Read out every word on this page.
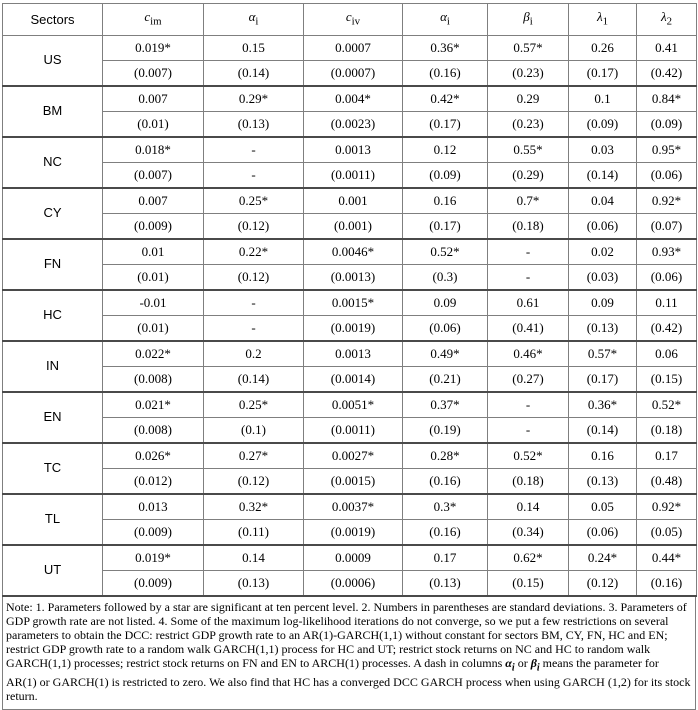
Sectors	$c_{im}$	$\alpha_i$	$c_{iv}$	$\alpha_i$	$\beta_i$	$\lambda_1$	$\lambda_2$
US	0.019*	0.15	0.0007	0.36*	0.57*	0.26	0.41
	(0.007)	(0.14)	(0.0007)	(0.16)	(0.23)	(0.17)	(0.42)
BM	0.007	0.29*	0.004*	0.42*	0.29	0.1	0.84*
	(0.01)	(0.13)	(0.0023)	(0.17)	(0.23)	(0.09)	(0.09)
NC	0.018*	-	0.0013	0.12	0.55*	0.03	0.95*
	(0.007)	-	(0.0011)	(0.09)	(0.29)	(0.14)	(0.06)
CY	0.007	0.25*	0.001	0.16	0.7*	0.04	0.92*
	(0.009)	(0.12)	(0.001)	(0.17)	(0.18)	(0.06)	(0.07)
FN	0.01	0.22*	0.0046*	0.52*	-	0.02	0.93*
	(0.01)	(0.12)	(0.0013)	(0.3)	-	(0.03)	(0.06)
HC	-0.01	-	0.0015*	0.09	0.61	0.09	0.11
	(0.01)	-	(0.0019)	(0.06)	(0.41)	(0.13)	(0.42)
IN	0.022*	0.2	0.0013	0.49*	0.46*	0.57*	0.06
	(0.008)	(0.14)	(0.0014)	(0.21)	(0.27)	(0.17)	(0.15)
EN	0.021*	0.25*	0.0051*	0.37*	-	0.36*	0.52*
	(0.008)	(0.1)	(0.0011)	(0.19)	-	(0.14)	(0.18)
TC	0.026*	0.27*	0.0027*	0.28*	0.52*	0.16	0.17
	(0.012)	(0.12)	(0.0015)	(0.16)	(0.18)	(0.13)	(0.48)
TL	0.013	0.32*	0.0037*	0.3*	0.14	0.05	0.92*
	(0.009)	(0.11)	(0.0019)	(0.16)	(0.34)	(0.06)	(0.05)
UT	0.019*	0.14	0.0009	0.17	0.62*	0.24*	0.44*
	(0.009)	(0.13)	(0.0006)	(0.13)	(0.15)	(0.12)	(0.16)
Note: 1. Parameters followed by a star are significant at ten percent level. 2. Numbers in parentheses are standard deviations. 3. Parameters of GDP growth rate are not listed. 4. Some of the maximum log-likelihood iterations do not converge, so we put a few restrictions on several parameters to obtain the DCC: restrict GDP growth rate to an AR(1)-GARCH(1,1) without constant for sectors BM, CY, FN, HC and EN; restrict GDP growth rate to a random walk GARCH(1,1) process for HC and UT; restrict stock returns on NC and HC to random walk GARCH(1,1) processes; restrict stock returns on FN and EN to ARCH(1) processes. A dash in columns $\alpha_i$ or $\beta_i$ means the parameter for AR(1) or GARCH(1) is restricted to zero. We also find that HC has a converged DCC GARCH process when using GARCH (1,2) for its stock return.
